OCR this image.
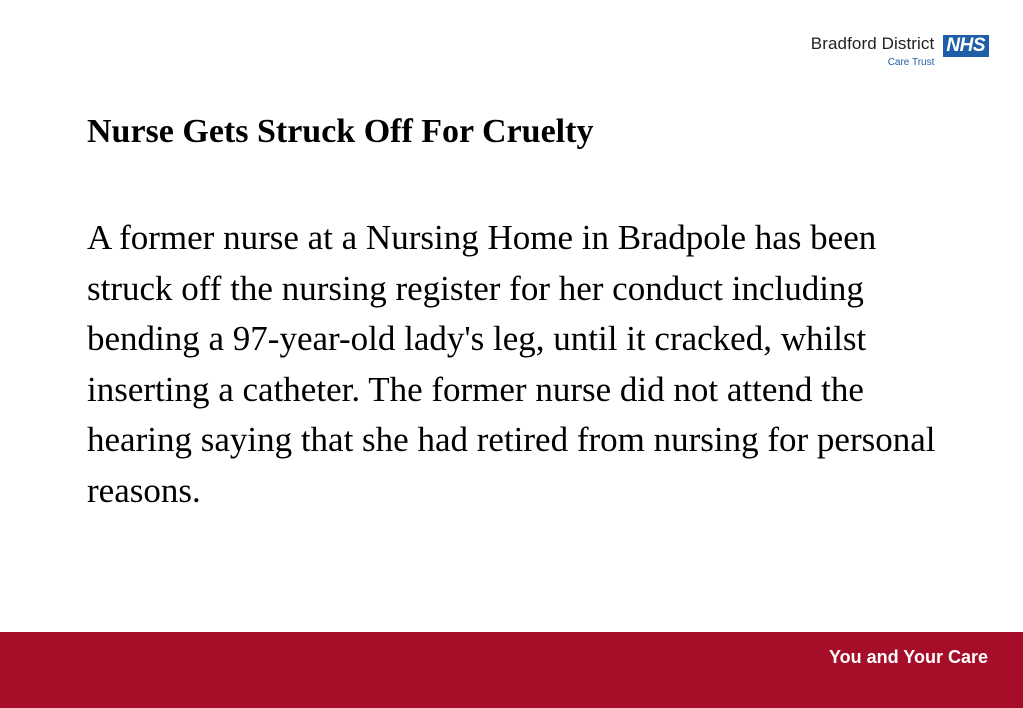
Bradford District
Care Trust
NHS
Nurse Gets Struck Off For Cruelty

A former nurse at a Nursing Home in Bradpole has been struck off the nursing register for her conduct including bending a 97-year-old lady's leg, until it cracked, whilst inserting a catheter. The former nurse did not attend the hearing saying that she had retired from nursing for personal reasons.

You and Your Care
